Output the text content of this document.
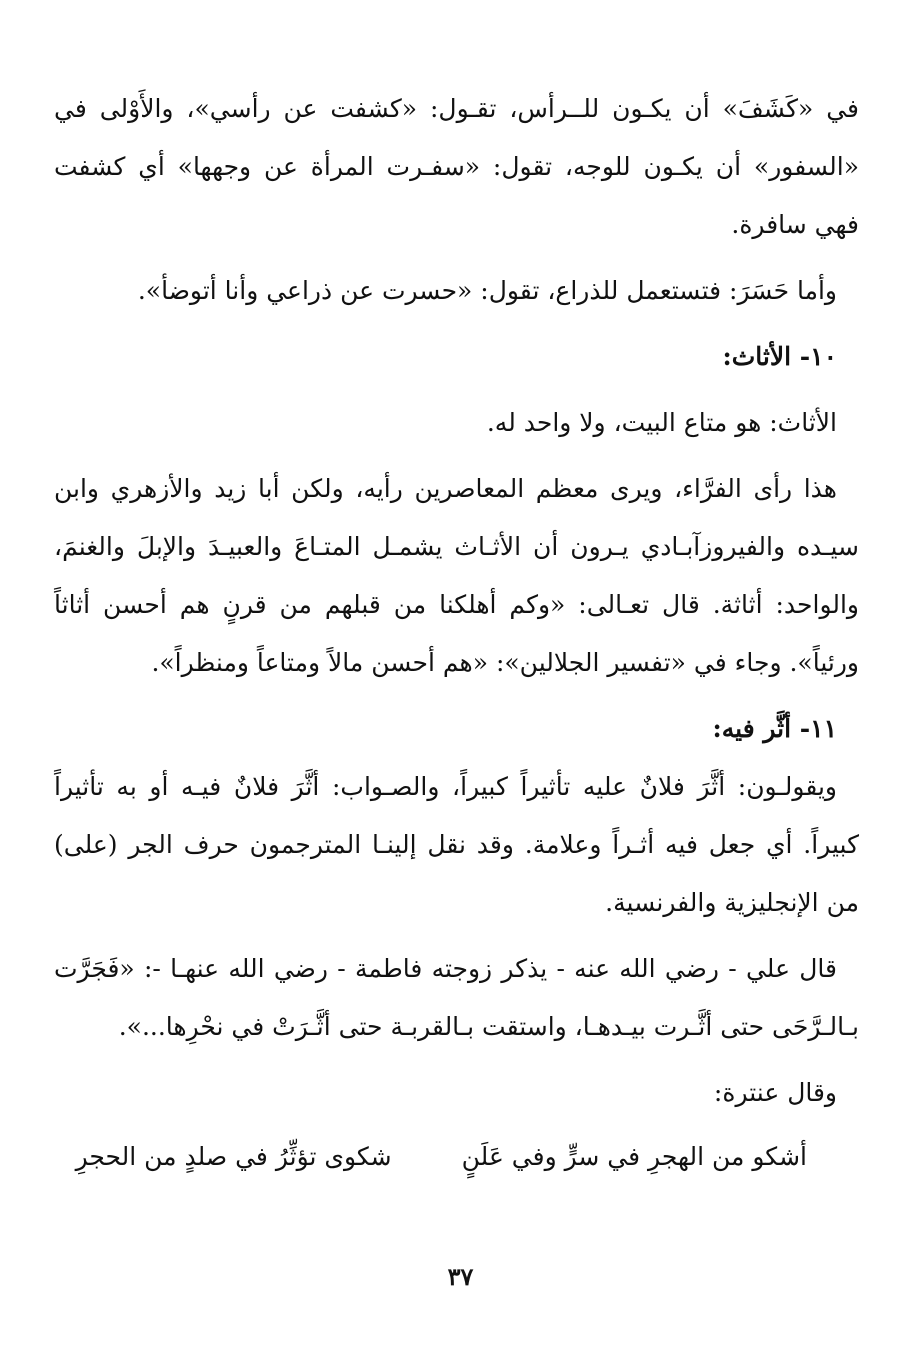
في «كَشَفَ» أن يكـون للــرأس، تقـول: «كشفت عن رأسي»، والأَوْلى في «السفور» أن يكـون للوجه، تقول: «سفـرت المرأة عن وجهها» أي كشفت فهي سافرة.

وأما حَسَرَ: فتستعمل للذراع، تقول: «حسرت عن ذراعي وأنا أتوضأ».

١٠- الأثاث:

الأثاث: هو متاع البيت، ولا واحد له.

هذا رأى الفرَّاء، ويرى معظم المعاصرين رأيه، ولكن أبا زيد والأزهري وابن سيـده والفيروزآبـادي يـرون أن الأثـاث يشمـل المتـاعَ والعبيـدَ والإبلَ والغنمَ، والواحد: أثاثة. قال تعـالى: «وكم أهلكنا من قبلهم من قرنٍ هم أحسن أثاثاً ورئياً». وجاء في «تفسير الجلالين»: «هم أحسن مالاً ومتاعاً ومنظراً».

١١- أثَّر فيه:

ويقولـون: أثَّرَ فلانٌ عليه تأثيراً كبيراً، والصـواب: أثَّرَ فلانٌ فيـه أو به تأثيراً كبيراً. أي جعل فيه أثـراً وعلامة. وقد نقل إلينـا المترجمون حرف الجر (على) من الإنجليزية والفرنسية.

قال علي - رضي الله عنه - يذكر زوجته فاطمة - رضي الله عنهـا -: «فَجَرَّت بـالـرَّحَى حتى أثَّـرت بيـدهـا، واستقت بـالقربـة حتى أثَّـرَتْ في نحْرِها...».

وقال عنترة:

أشكو من الهجرِ في سرٍّ وفي عَلَنٍ
شكوى تؤثِّرُ في صلدٍ من الحجرِ
٣٧
